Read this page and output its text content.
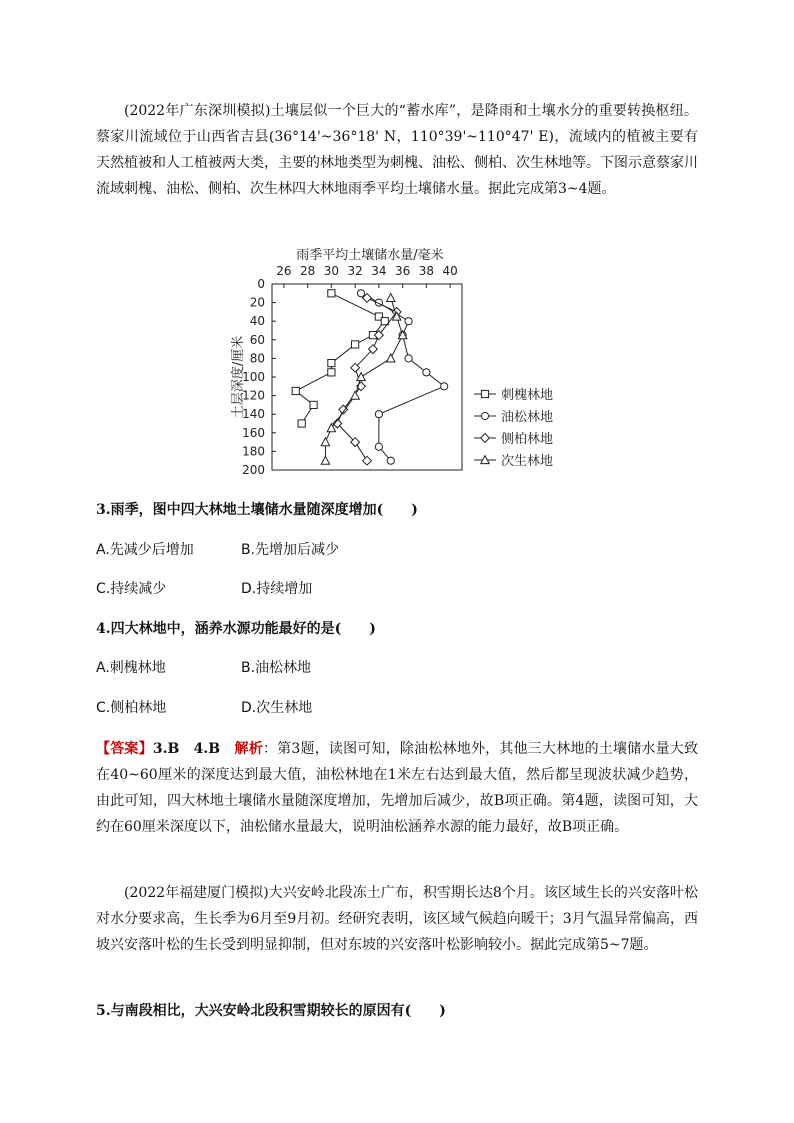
(2022年广东深圳模拟)土壤层似一个巨大的“蓄水库”，是降雨和土壤水分的重要转换枢纽。蔡家川流域位于山西省吉县(36°14'~36°18' N，110°39'~110°47' E)，流域内的植被主要有天然植被和人工植被两大类，主要的林地类型为刺槐、油松、侧柏、次生林地等。下图示意蔡家川流域刺槐、油松、侧柏、次生林四大林地雨季平均土壤储水量。据此完成第3~4题。
雨季平均土壤储水量/毫米
26 28 30 32 34 36 38 40
0
20
40
60
80
100
120
140
160
180
200
土层深度/厘米	刺槐林地
油松林地
侧柏林地
次生林地
3.雨季，图中四大林地土壤储水量随深度增加(　　)
A.先减少后增加	B.先增加后减少
C.持续减少	D.持续增加
4.四大林地中，涵养水源功能最好的是(　　)
A.刺槐林地	B.油松林地
C.侧柏林地	D.次生林地
【答案】3.B　4.B　解析：第3题，读图可知，除油松林地外，其他三大林地的土壤储水量大致在40~60厘米的深度达到最大值，油松林地在1米左右达到最大值，然后都呈现波状减少趋势，由此可知，四大林地土壤储水量随深度增加，先增加后减少，故B项正确。第4题，读图可知，大约在60厘米深度以下，油松储水量最大，说明油松涵养水源的能力最好，故B项正确。
(2022年福建厦门模拟)大兴安岭北段冻土广布，积雪期长达8个月。该区域生长的兴安落叶松对水分要求高，生长季为6月至9月初。经研究表明，该区域气候趋向暖干；3月气温异常偏高，西坡兴安落叶松的生长受到明显抑制，但对东坡的兴安落叶松影响较小。据此完成第5~7题。
5.与南段相比，大兴安岭北段积雪期较长的原因有(　　)
